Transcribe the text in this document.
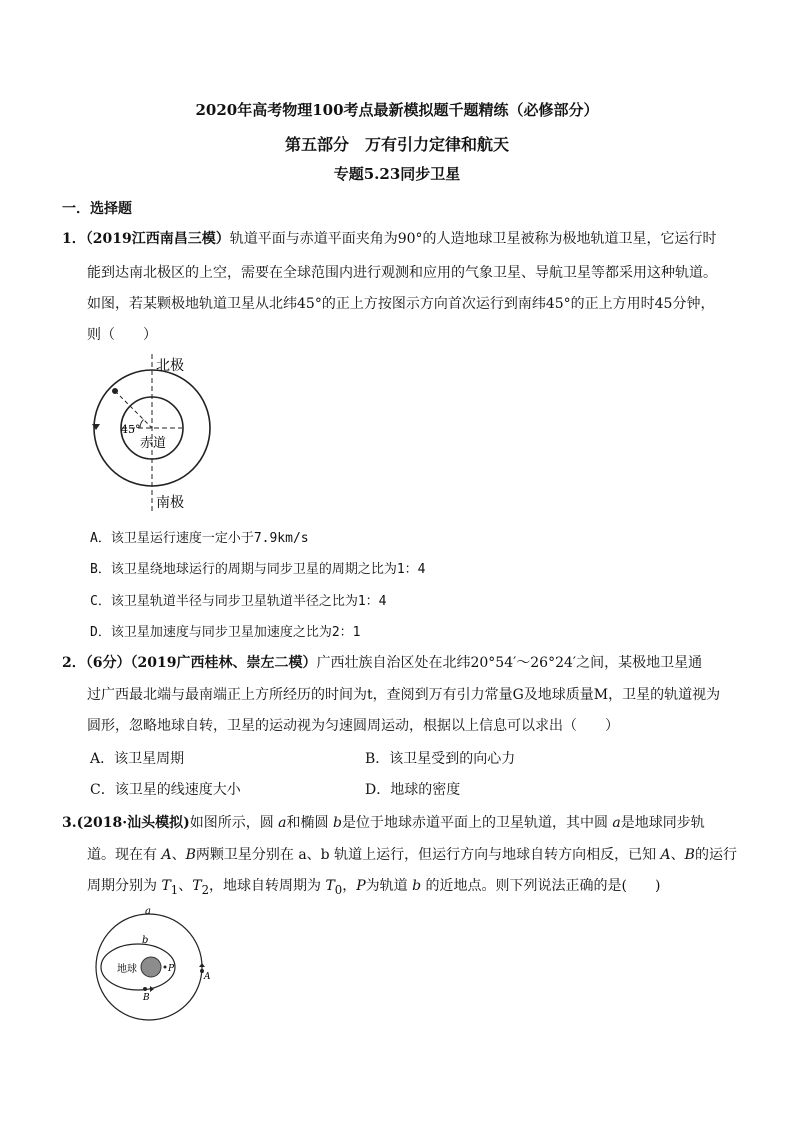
2020年高考物理100考点最新模拟题千题精练（必修部分）
第五部分　万有引力定律和航天
专题5.23同步卫星
一．选择题
1．（2019江西南昌三模）轨道平面与赤道平面夹角为90°的人造地球卫星被称为极地轨道卫星，它运行时
能到达南北极区的上空，需要在全球范围内进行观测和应用的气象卫星、导航卫星等都采用这种轨道。
如图，若某颗极地轨道卫星从北纬45°的正上方按图示方向首次运行到南纬45°的正上方用时45分钟，
则（　　）
北极
南极
赤道
45°
A．该卫星运行速度一定小于7.9km/s
B．该卫星绕地球运行的周期与同步卫星的周期之比为1：4
C．该卫星轨道半径与同步卫星轨道半径之比为1：4
D．该卫星加速度与同步卫星加速度之比为2：1
2．（6分）（2019广西桂林、崇左二模）广西壮族自治区处在北纬20°54′～26°24′之间，某极地卫星通
过广西最北端与最南端正上方所经历的时间为t，查阅到万有引力常量G及地球质量M，卫星的轨道视为
圆形，忽略地球自转，卫星的运动视为匀速圆周运动，根据以上信息可以求出（　　）
A．该卫星周期	B．该卫星受到的向心力
C．该卫星的线速度大小	D．地球的密度
3.(2018·汕头模拟)如图所示，圆 a和椭圆 b是位于地球赤道平面上的卫星轨道，其中圆 a是地球同步轨
道。现在有 A、B两颗卫星分别在 a、b 轨道上运行，但运行方向与地球自转方向相反，已知 A、B的运行
周期分别为 $T_1$、$T_2$，地球自转周期为 $T_0$，P为轨道 b 的近地点。则下列说法正确的是(　　)
a
b
地球	P
A
B
